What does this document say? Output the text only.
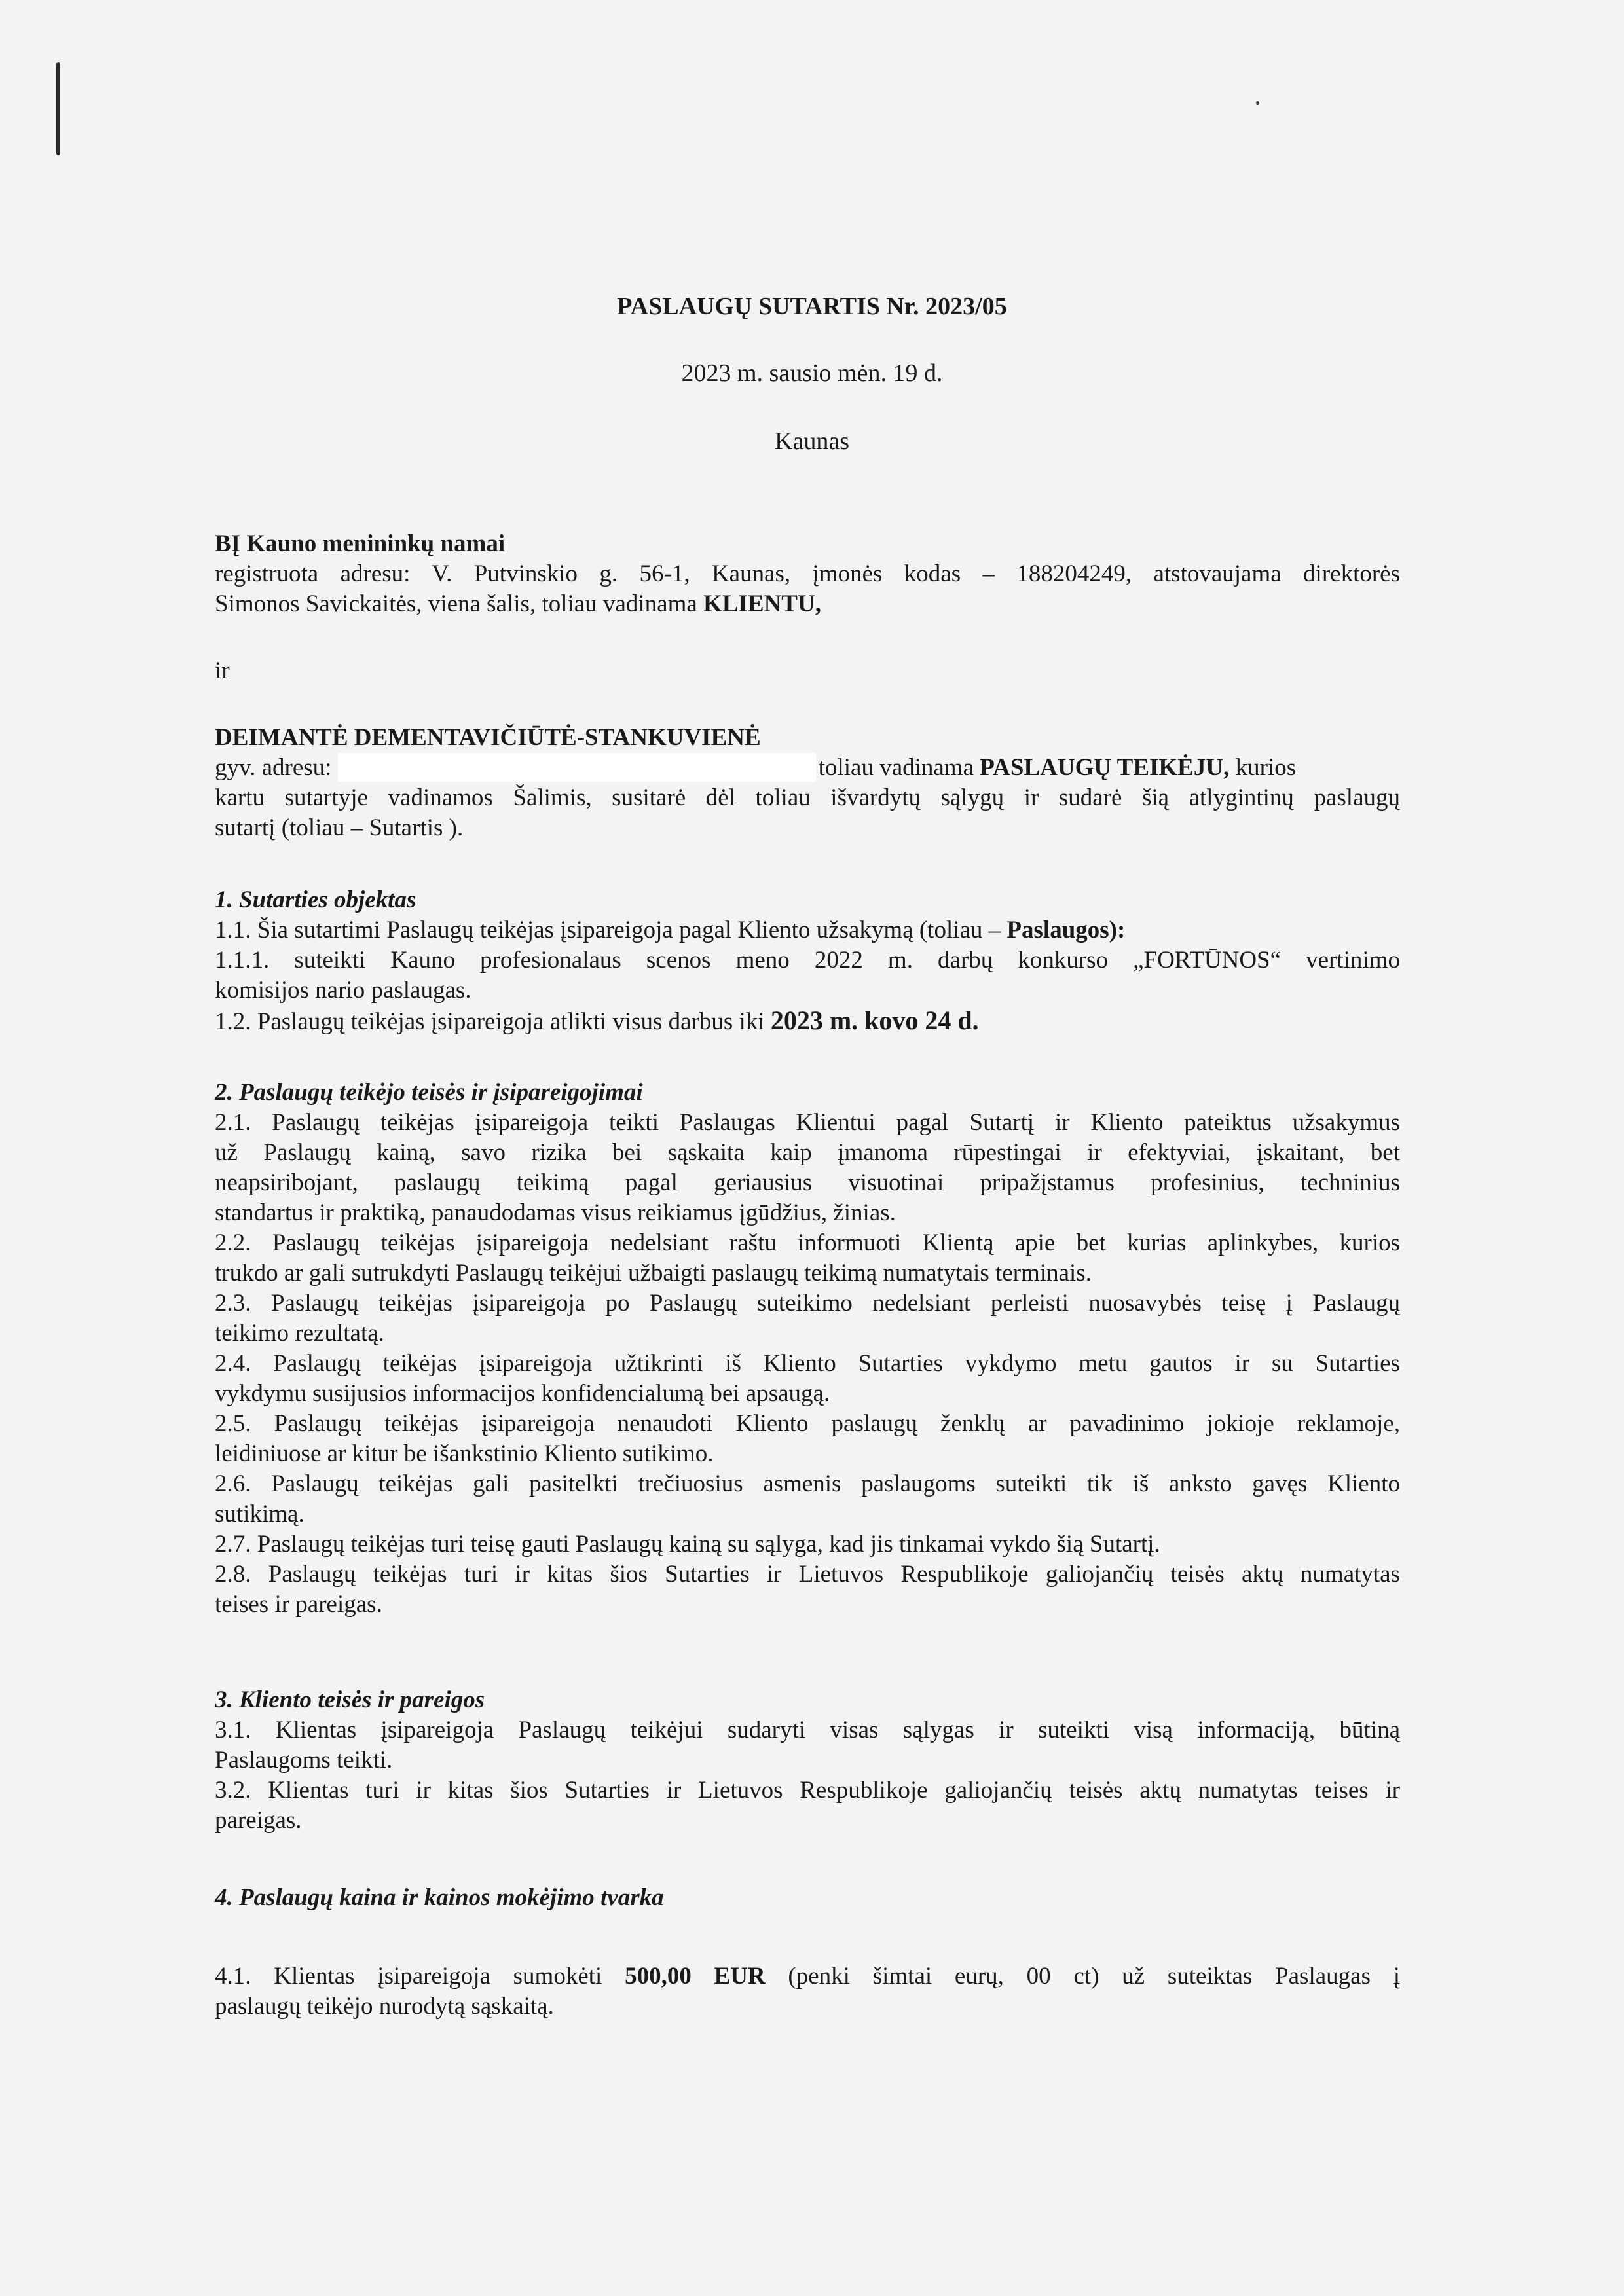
PASLAUGŲ SUTARTIS Nr. 2023/05
2023 m. sausio mėn. 19 d.
Kaunas
BĮ Kauno menininkų namai
registruota adresu: V. Putvinskio g. 56-1, Kaunas, įmonės kodas – 188204249, atstovaujama direktorės
Simonos Savickaitės, viena šalis, toliau vadinama KLIENTU,
ir
DEIMANTĖ DEMENTAVIČIŪTĖ-STANKUVIENĖ
gyv. adresu:	toliau vadinama PASLAUGŲ TEIKĖJU, kurios
kartu sutartyje vadinamos Šalimis, susitarė dėl toliau išvardytų sąlygų ir sudarė šią atlygintinų paslaugų
sutartį (toliau – Sutartis ).
1. Sutarties objektas
1.1. Šia sutartimi Paslaugų teikėjas įsipareigoja pagal Kliento užsakymą (toliau – Paslaugos):
1.1.1. suteikti Kauno profesionalaus scenos meno 2022 m. darbų konkurso „FORTŪNOS“ vertinimo
komisijos nario paslaugas.
1.2. Paslaugų teikėjas įsipareigoja atlikti visus darbus iki 2023 m. kovo 24 d.
2. Paslaugų teikėjo teisės ir įsipareigojimai
2.1. Paslaugų teikėjas įsipareigoja teikti Paslaugas Klientui pagal Sutartį ir Kliento pateiktus užsakymus
už Paslaugų kainą, savo rizika bei sąskaita kaip įmanoma rūpestingai ir efektyviai, įskaitant, bet
neapsiribojant, paslaugų teikimą pagal geriausius visuotinai pripažįstamus profesinius, techninius
standartus ir praktiką, panaudodamas visus reikiamus įgūdžius, žinias.
2.2. Paslaugų teikėjas įsipareigoja nedelsiant raštu informuoti Klientą apie bet kurias aplinkybes, kurios
trukdo ar gali sutrukdyti Paslaugų teikėjui užbaigti paslaugų teikimą numatytais terminais.
2.3. Paslaugų teikėjas įsipareigoja po Paslaugų suteikimo nedelsiant perleisti nuosavybės teisę į Paslaugų
teikimo rezultatą.
2.4. Paslaugų teikėjas įsipareigoja užtikrinti iš Kliento Sutarties vykdymo metu gautos ir su Sutarties
vykdymu susijusios informacijos konfidencialumą bei apsaugą.
2.5. Paslaugų teikėjas įsipareigoja nenaudoti Kliento paslaugų ženklų ar pavadinimo jokioje reklamoje,
leidiniuose ar kitur be išankstinio Kliento sutikimo.
2.6. Paslaugų teikėjas gali pasitelkti trečiuosius asmenis paslaugoms suteikti tik iš anksto gavęs Kliento
sutikimą.
2.7. Paslaugų teikėjas turi teisę gauti Paslaugų kainą su sąlyga, kad jis tinkamai vykdo šią Sutartį.
2.8. Paslaugų teikėjas turi ir kitas šios Sutarties ir Lietuvos Respublikoje galiojančių teisės aktų numatytas
teises ir pareigas.
3. Kliento teisės ir pareigos
3.1. Klientas įsipareigoja Paslaugų teikėjui sudaryti visas sąlygas ir suteikti visą informaciją, būtiną
Paslaugoms teikti.
3.2. Klientas turi ir kitas šios Sutarties ir Lietuvos Respublikoje galiojančių teisės aktų numatytas teises ir
pareigas.
4. Paslaugų kaina ir kainos mokėjimo tvarka
4.1. Klientas įsipareigoja sumokėti 500,00 EUR (penki šimtai eurų, 00 ct) už suteiktas Paslaugas į
paslaugų teikėjo nurodytą sąskaitą.
